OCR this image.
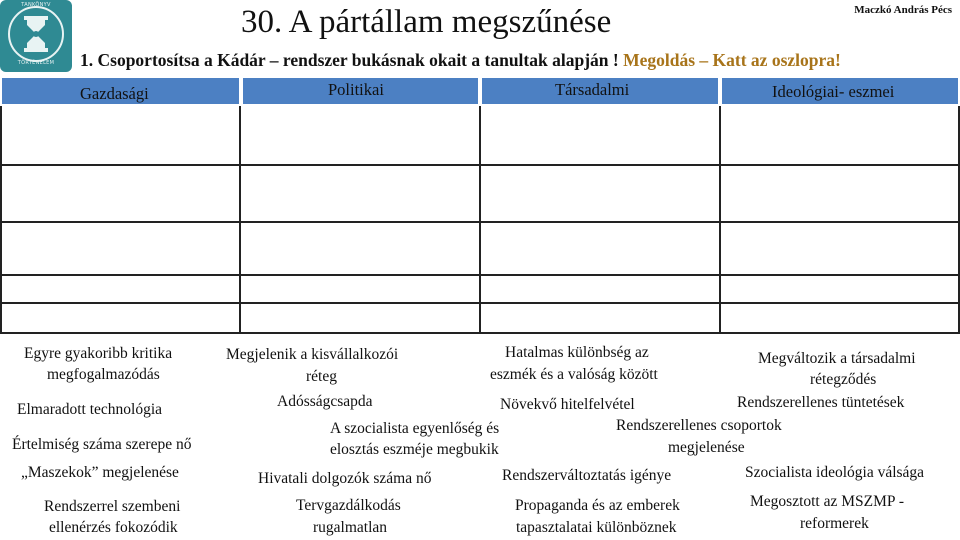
TANKÖNYV
TÖRTÉNELEM
30. A pártállam megszűnése	Maczkó András Pécs
1. Csoportosítsa a Kádár – rendszer bukásnak okait a tanultak alapján ! Megoldás – Katt az oszlopra!
Gazdasági	Politikai	Társadalmi	Ideológiai- eszmei
Egyre gyakoribb kritika
megfogalmazódás
Elmaradott technológia
Értelmiség száma szerepe nő
„Maszekok” megjelenése
Rendszerrel szembeni
ellenérzés fokozódik
Megjelenik a kisvállalkozói
réteg
Adósságcsapda
A szocialista egyenlőség és
elosztás eszméje megbukik
Hivatali dolgozók száma nő
Tervgazdálkodás
rugalmatlan
Hatalmas különbség az
eszmék és a valóság között
Növekvő hitelfelvétel
Rendszerváltoztatás igénye
Propaganda és az emberek
tapasztalatai különböznek
Megváltozik a társadalmi
rétegződés
Rendszerellenes tüntetések
Rendszerellenes csoportok
megjelenése
Szocialista ideológia válsága
Megosztott az MSZMP -
reformerek
